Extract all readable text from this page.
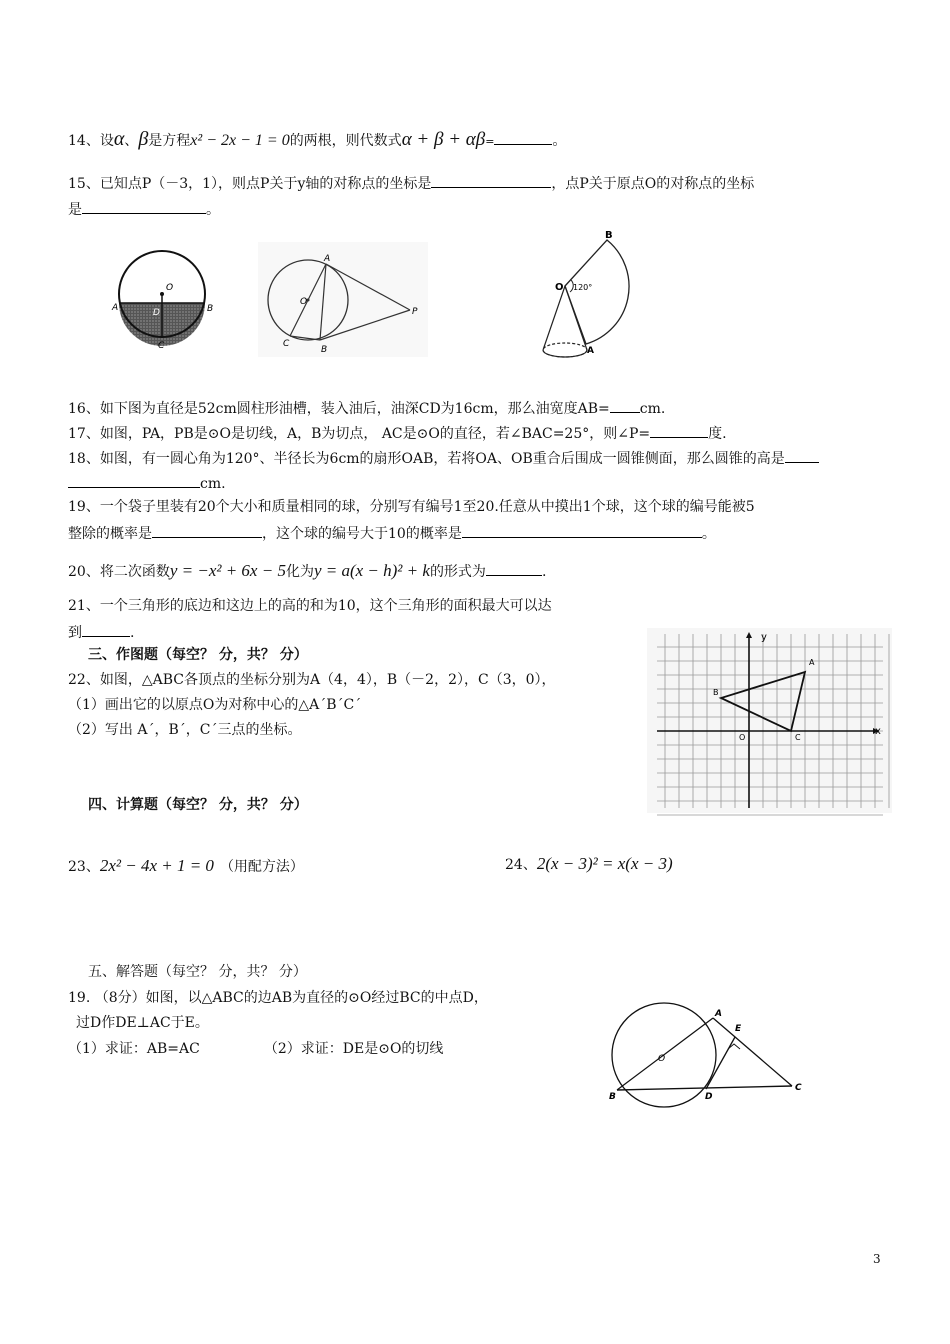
14、设α、β是方程x² − 2x − 1 = 0的两根，则代数式α + β + αβ=	。
15、已知点P（－3，1），则点P关于y轴的对称点的坐标是	，点P关于原点O的对称点的坐标
是	。
O
A	B
D
C
A
O
P
C
B
B
O 120°
A
16、如下图为直径是52cm圆柱形油槽，装入油后，油深CD为16cm，那么油宽度AB= cm.
17、如图，PA，PB是⊙O是切线，A，B为切点， AC是⊙O的直径，若∠BAC=25°，则∠P=	度.
18、如图，有一圆心角为120°、半径长为6cm的扇形OAB，若将OA、OB重合后围成一圆锥侧面，那么圆锥的高是
cm.
19、一个袋子里装有20个大小和质量相同的球，分别写有编号1至20.任意从中摸出1个球，这个球的编号能被5
整除的概率是	，这个球的编号大于10的概率是	。
20、将二次函数y = −x² + 6x − 5化为y = a(x − h)² + k的形式为	.
21、一个三角形的底边和这边上的高的和为10，这个三角形的面积最大可以达
到	.
三、作图题（每空？ 分，共？ 分）
22、如图，△ABC各顶点的坐标分别为A（4，4），B（－2，2），C（3，0），
（1）画出它的以原点O为对称中心的△A´B´C´
（2）写出 A´，B´，C´三点的坐标。	x
y
O
A
B
C
四、计算题（每空？ 分，共？ 分）
23、2x² − 4x + 1 = 0 （用配方法）	24、2(x − 3)² = x(x − 3)
五、解答题（每空？ 分，共？ 分）
19. （8分）如图，以△ABC的边AB为直径的⊙O经过BC的中点D，
过D作DE⊥AC于E。
（1）求证：AB=AC	（2）求证：DE是⊙O的切线
A
E
O
B	D
C
3
